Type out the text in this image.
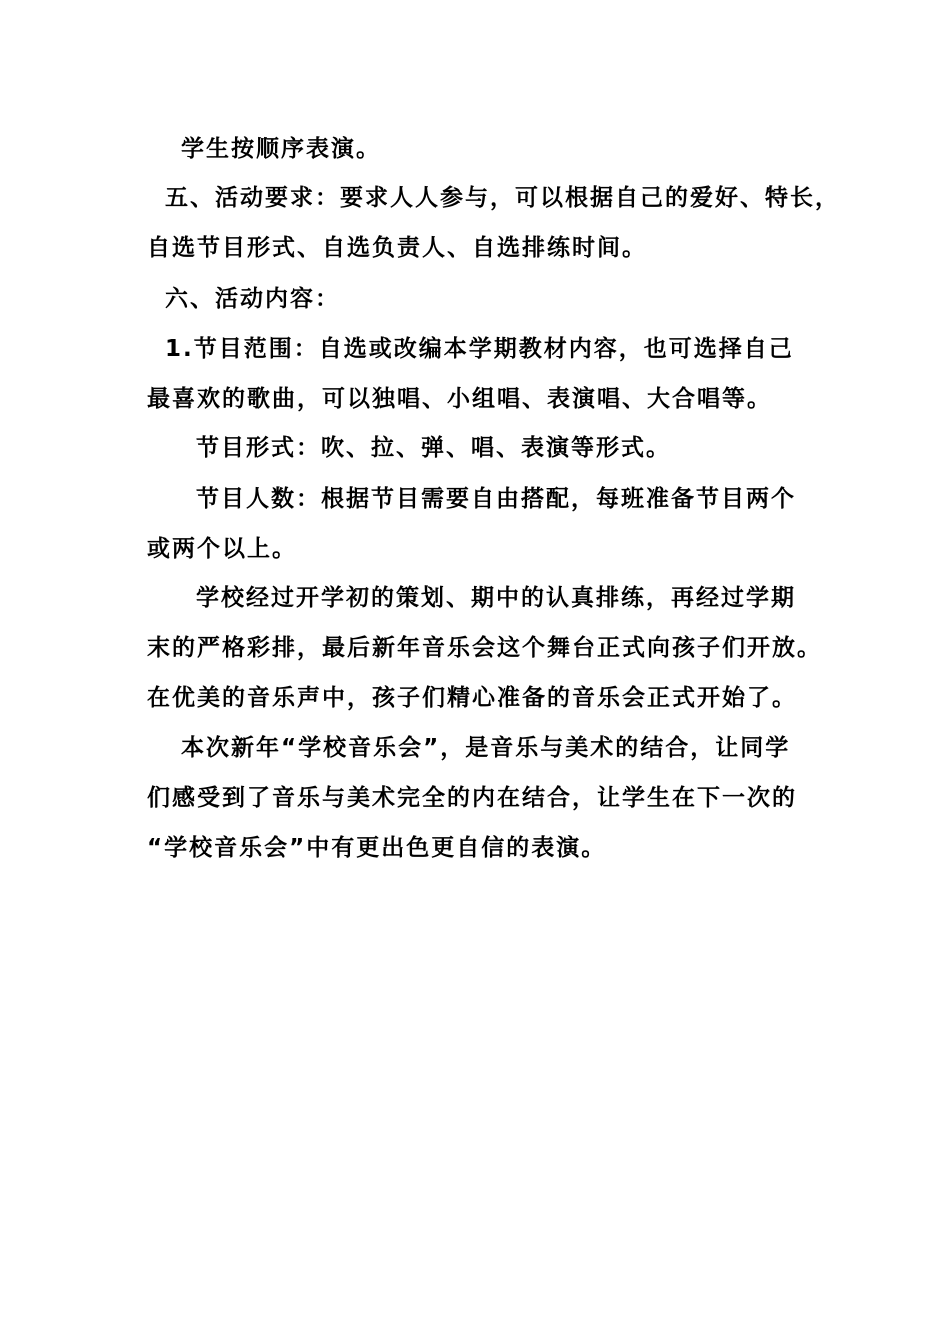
学生按顺序表演。
五、活动要求：要求人人参与，可以根据自己的爱好、特长，
自选节目形式、自选负责人、自选排练时间。
六、活动内容：
1.节目范围：自选或改编本学期教材内容，也可选择自己
最喜欢的歌曲，可以独唱、小组唱、表演唱、大合唱等。
节目形式：吹、拉、弹、唱、表演等形式。
节目人数：根据节目需要自由搭配，每班准备节目两个
或两个以上。
学校经过开学初的策划、期中的认真排练，再经过学期
末的严格彩排，最后新年音乐会这个舞台正式向孩子们开放。
在优美的音乐声中，孩子们精心准备的音乐会正式开始了。
本次新年“学校音乐会”，是音乐与美术的结合，让同学
们感受到了音乐与美术完全的内在结合，让学生在下一次的
“学校音乐会”中有更出色更自信的表演。
